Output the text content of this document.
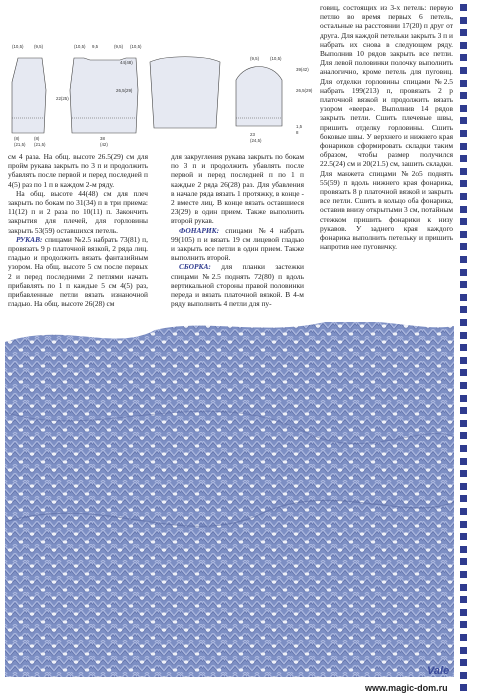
(10,5) (9,5)	(10,5) 9,5	(9,5) (10,5)
44(48)
26,5(29)
22(25)
(8)
(21,5)
(8)
(21,5)
38
(42)
39(42)
26,5(29)
1,5
8
23
(24,5)
(9,5) (10,5)

см 4 раза. На общ. высоте 26.5(29) см для пройм рукава закрыть по 3 п и продолжить убавлять после первой и перед последней п 4(5) раз по 1 п в каждом 2-м ряду.

На общ. высоте 44(48) см для плеч закрыть по бокам по 31(34) п в три приема: 11(12) п и 2 раза по 10(11) п. Закончить закрытия для плечей, для горловины закрыть 53(59) оставшихся петель.

РУКАВ: спицами №2.5 набрать 73(81) п, провязать 9 р платочной вязкой, 2 ряда лиц. гладью и продолжить вязать фантазийным узором. На общ. высоте 5 см после первых 2 и перед последними 2 петлями начать прибавлять по 1 п каждые 5 см 4(5) раз, прибавленные петли вязать изнаночной гладью. На общ. высоте 26(28) см

для закругления рукава закрыть по бокам по 3 п и продолжить убавлять после первой и перед последней п по 1 п каждые 2 ряда 26(28) раз. Для убавления в начале ряда вязать 1 протяжку, в конце - 2 вместе лиц. В конце вязать оставшиеся 23(29) в один прием. Также выполнить второй рукав.

ФОНАРИК: спицами №4 набрать 99(105) п и вязать 19 см лицевой гладью и закрыть все петли в один прием. Также выполнить второй.

СБОРКА: для планки застежки спицами №2.5 поднять 72(80) п вдоль вертикальной стороны правой половинки переда и вязать платочной вязкой. В 4-м ряду выполнить 4 петли для пу-

говиц, состоящих из 3-х петель: первую петлю во время первых 6 петель, остальные на расстоянии 17(20) п друг от друга. Для каждой петельки закрыть 3 п и набрать их снова в следующем ряду. Выполнив 10 рядов закрыть все петли. Для левой половинки полочку выполнить аналогично, кроме петель для пуговиц. Для отделки горловины спицами №2.5 набрать 199(213) п, провязать 2 р платочной вязкой и продолжить вязать узором «веера». Выполнив 14 рядов закрыть петли. Сшить плечевые швы, пришить отделку горловины. Сшить боковые швы. У верхнего и нижнего края фонариков сформировать складки таким образом, чтобы размер получился 22.5(24) см и 20(21.5) см, зашить складки. Для манжета спицами №2о5 поднять 55(59) п вдоль нижнего края фонарика, провязать 8 р платочной вязкой и закрыть все петли. Сшить в кольцо оба фонарика, оставив внизу открытыми 3 см, потайным стежком пришить фонарики к низу рукавов. У заднего края каждого фонарика выполнить петельку и пришить напротив нее пуговичку.

Vale
www.magic-dom.ru
